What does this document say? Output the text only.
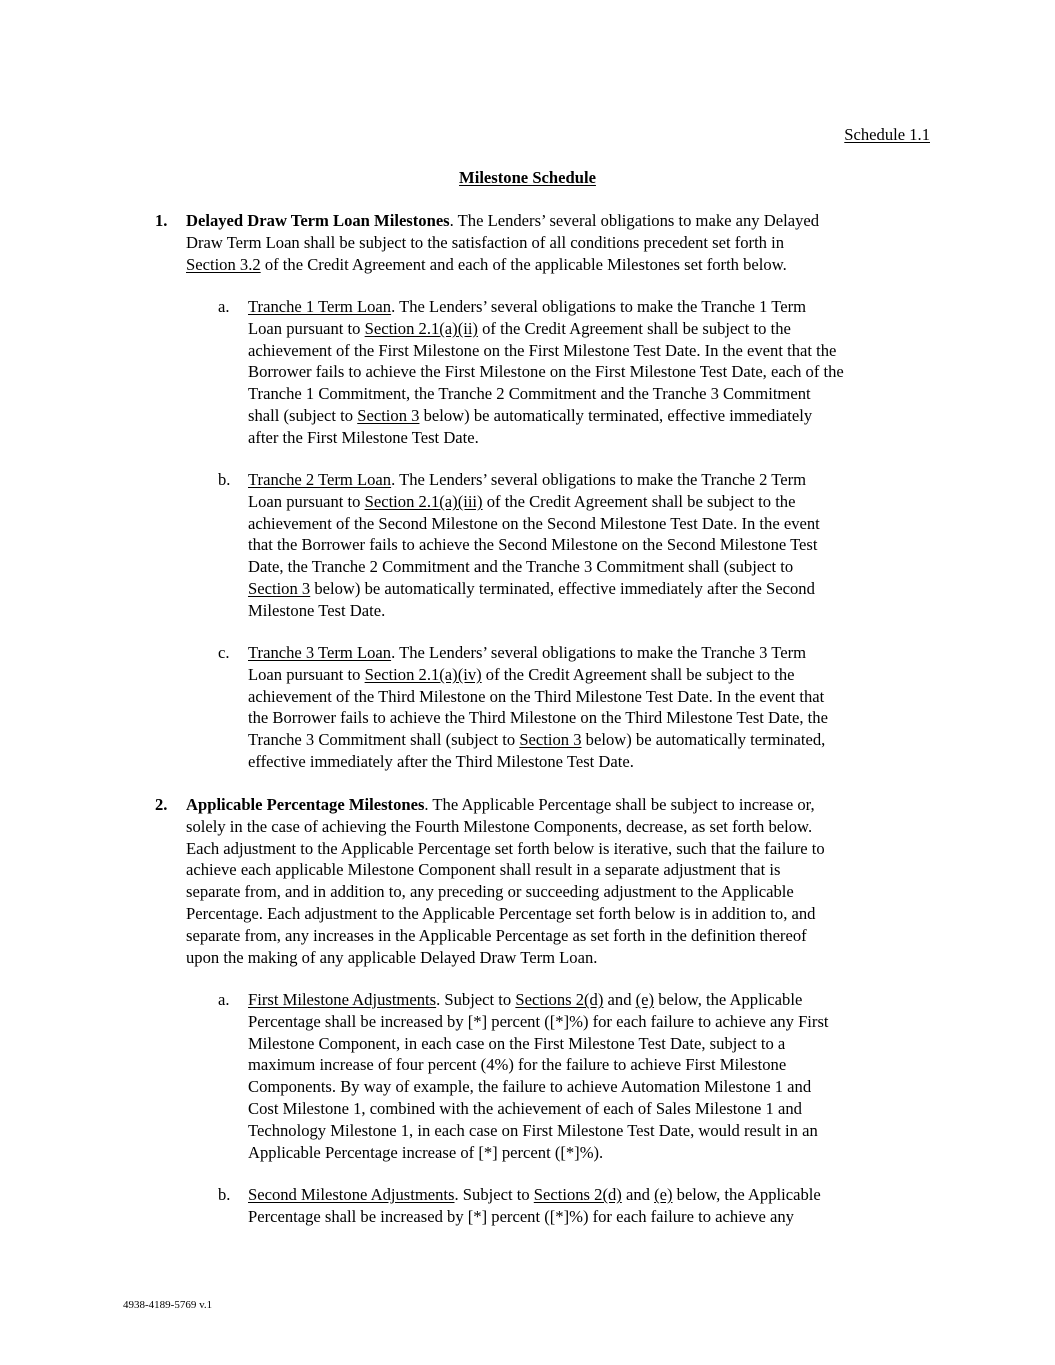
Schedule 1.1
Milestone Schedule
1. Delayed Draw Term Loan Milestones. The Lenders’ several obligations to make any Delayed

Draw Term Loan shall be subject to the satisfaction of all conditions precedent set forth in

Section 3.2 of the Credit Agreement and each of the applicable Milestones set forth below.

a. Tranche 1 Term Loan. The Lenders’ several obligations to make the Tranche 1 Term

Loan pursuant to Section 2.1(a)(ii) of the Credit Agreement shall be subject to the

achievement of the First Milestone on the First Milestone Test Date. In the event that the

Borrower fails to achieve the First Milestone on the First Milestone Test Date, each of the

Tranche 1 Commitment, the Tranche 2 Commitment and the Tranche 3 Commitment

shall (subject to Section 3 below) be automatically terminated, effective immediately

after the First Milestone Test Date.

b. Tranche 2 Term Loan. The Lenders’ several obligations to make the Tranche 2 Term

Loan pursuant to Section 2.1(a)(iii) of the Credit Agreement shall be subject to the

achievement of the Second Milestone on the Second Milestone Test Date. In the event

that the Borrower fails to achieve the Second Milestone on the Second Milestone Test

Date, the Tranche 2 Commitment and the Tranche 3 Commitment shall (subject to

Section 3 below) be automatically terminated, effective immediately after the Second

Milestone Test Date.

c. Tranche 3 Term Loan. The Lenders’ several obligations to make the Tranche 3 Term

Loan pursuant to Section 2.1(a)(iv) of the Credit Agreement shall be subject to the

achievement of the Third Milestone on the Third Milestone Test Date. In the event that

the Borrower fails to achieve the Third Milestone on the Third Milestone Test Date, the

Tranche 3 Commitment shall (subject to Section 3 below) be automatically terminated,

effective immediately after the Third Milestone Test Date.

2. Applicable Percentage Milestones. The Applicable Percentage shall be subject to increase or,

solely in the case of achieving the Fourth Milestone Components, decrease, as set forth below.

Each adjustment to the Applicable Percentage set forth below is iterative, such that the failure to

achieve each applicable Milestone Component shall result in a separate adjustment that is

separate from, and in addition to, any preceding or succeeding adjustment to the Applicable

Percentage. Each adjustment to the Applicable Percentage set forth below is in addition to, and

separate from, any increases in the Applicable Percentage as set forth in the definition thereof

upon the making of any applicable Delayed Draw Term Loan.

a. First Milestone Adjustments. Subject to Sections 2(d) and (e) below, the Applicable

Percentage shall be increased by [*] percent ([*]%) for each failure to achieve any First

Milestone Component, in each case on the First Milestone Test Date, subject to a

maximum increase of four percent (4%) for the failure to achieve First Milestone

Components. By way of example, the failure to achieve Automation Milestone 1 and

Cost Milestone 1, combined with the achievement of each of Sales Milestone 1 and

Technology Milestone 1, in each case on First Milestone Test Date, would result in an

Applicable Percentage increase of [*] percent ([*]%).

b. Second Milestone Adjustments. Subject to Sections 2(d) and (e) below, the Applicable

Percentage shall be increased by [*] percent ([*]%) for each failure to achieve any

4938-4189-5769 v.1
